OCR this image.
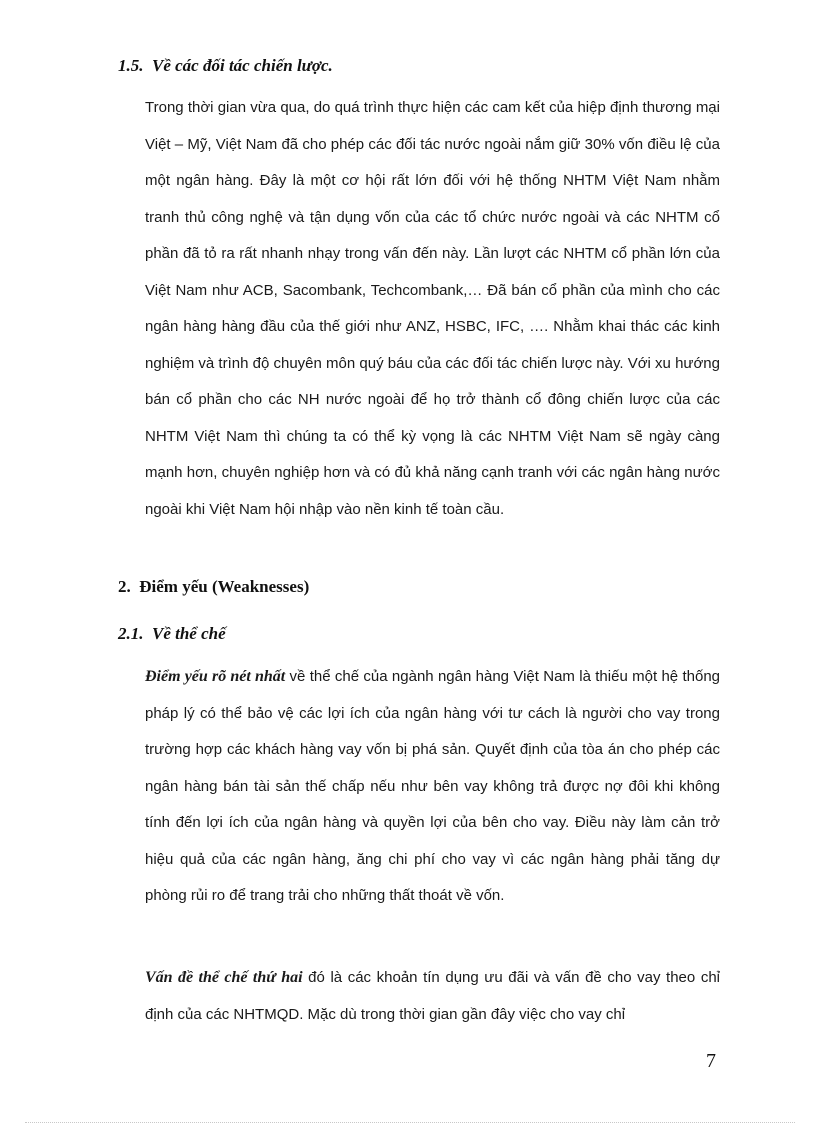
1.5. Về các đối tác chiến lược.

Trong thời gian vừa qua, do quá trình thực hiện các cam kết của hiệp định thương mại Việt – Mỹ, Việt Nam đã cho phép các đối tác nước ngoài nắm giữ 30% vốn điều lệ của một ngân hàng. Đây là một cơ hội rất lớn đối với hệ thống NHTM Việt Nam nhằm tranh thủ công nghệ và tận dụng vốn của các tổ chức nước ngoài và các NHTM cổ phần đã tỏ ra rất nhanh nhạy trong vấn đến này. Lần lượt các NHTM cổ phần lớn của Việt Nam như ACB, Sacombank, Techcombank,… Đã bán cổ phần của mình cho các ngân hàng hàng đầu của thế giới như ANZ, HSBC, IFC, …. Nhằm khai thác các kinh nghiệm và trình độ chuyên môn quý báu của các đối tác chiến lược này. Với xu hướng bán cổ phần cho các NH nước ngoài để họ trở thành cổ đông chiến lược của các NHTM Việt Nam thì chúng ta có thể kỳ vọng là các NHTM Việt Nam sẽ ngày càng mạnh hơn, chuyên nghiệp hơn và có đủ khả năng cạnh tranh với các ngân hàng nước ngoài khi Việt Nam hội nhập vào nền kinh tế toàn cầu.

2. Điểm yếu (Weaknesses)
2.1. Về thể chế

Điểm yếu rõ nét nhất về thể chế của ngành ngân hàng Việt Nam là thiếu một hệ thống pháp lý có thể bảo vệ các lợi ích của ngân hàng với tư cách là người cho vay trong trường hợp các khách hàng vay vốn bị phá sản. Quyết định của tòa án cho phép các ngân hàng bán tài sản thế chấp nếu như bên vay không trả được nợ đôi khi không tính đến lợi ích của ngân hàng và quyền lợi của bên cho vay. Điều này làm cản trở hiệu quả của các ngân hàng, ăng chi phí cho vay vì các ngân hàng phải tăng dự phòng rủi ro để trang trải cho những thất thoát về vốn.

Vấn đề thể chế thứ hai đó là các khoản tín dụng ưu đãi và vấn đề cho vay theo chỉ định của các NHTMQD. Mặc dù trong thời gian gần đây việc cho vay chỉ

7
